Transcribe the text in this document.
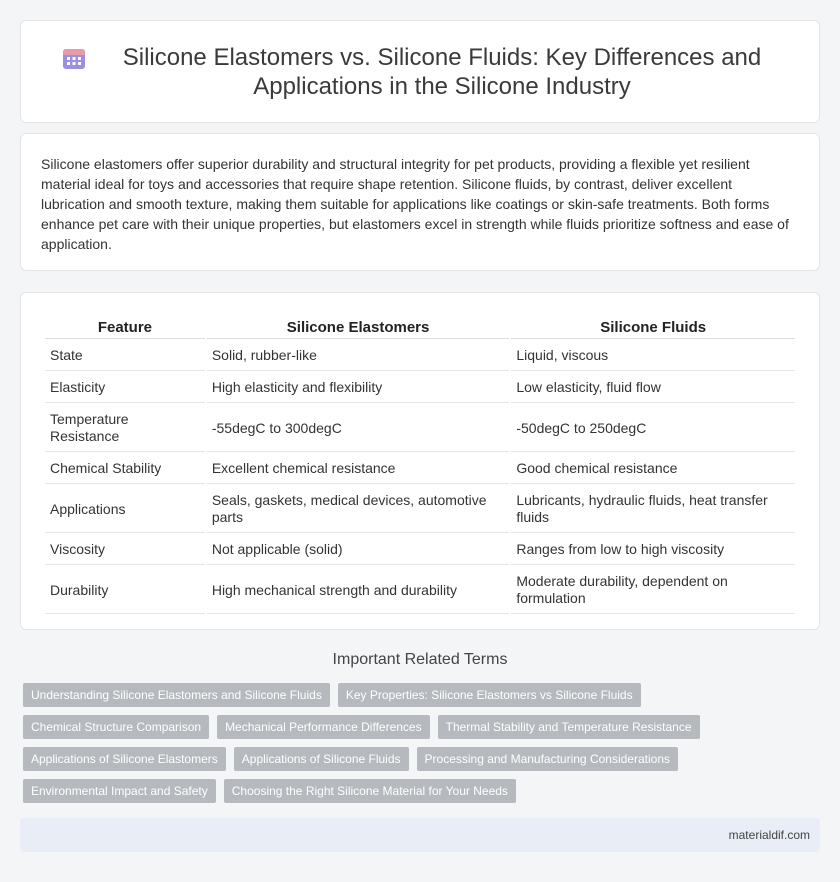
Silicone Elastomers vs. Silicone Fluids: Key Differences and Applications in the Silicone Industry

Silicone elastomers offer superior durability and structural integrity for pet products, providing a flexible yet resilient material ideal for toys and accessories that require shape retention. Silicone fluids, by contrast, deliver excellent lubrication and smooth texture, making them suitable for applications like coatings or skin-safe treatments. Both forms enhance pet care with their unique properties, but elastomers excel in strength while fluids prioritize softness and ease of application.

Feature	Silicone Elastomers	Silicone Fluids
State	Solid, rubber-like	Liquid, viscous
Elasticity	High elasticity and flexibility	Low elasticity, fluid flow
Temperature Resistance	-55degC to 300degC	-50degC to 250degC
Chemical Stability	Excellent chemical resistance	Good chemical resistance
Applications	Seals, gaskets, medical devices, automotive parts	Lubricants, hydraulic fluids, heat transfer fluids
Viscosity	Not applicable (solid)	Ranges from low to high viscosity
Durability	High mechanical strength and durability	Moderate durability, dependent on formulation
Important Related Terms
Understanding Silicone Elastomers and Silicone Fluids	Key Properties: Silicone Elastomers vs Silicone Fluids
Chemical Structure Comparison	Mechanical Performance Differences	Thermal Stability and Temperature Resistance
Applications of Silicone Elastomers	Applications of Silicone Fluids	Processing and Manufacturing Considerations
Environmental Impact and Safety	Choosing the Right Silicone Material for Your Needs
materialdif.com
